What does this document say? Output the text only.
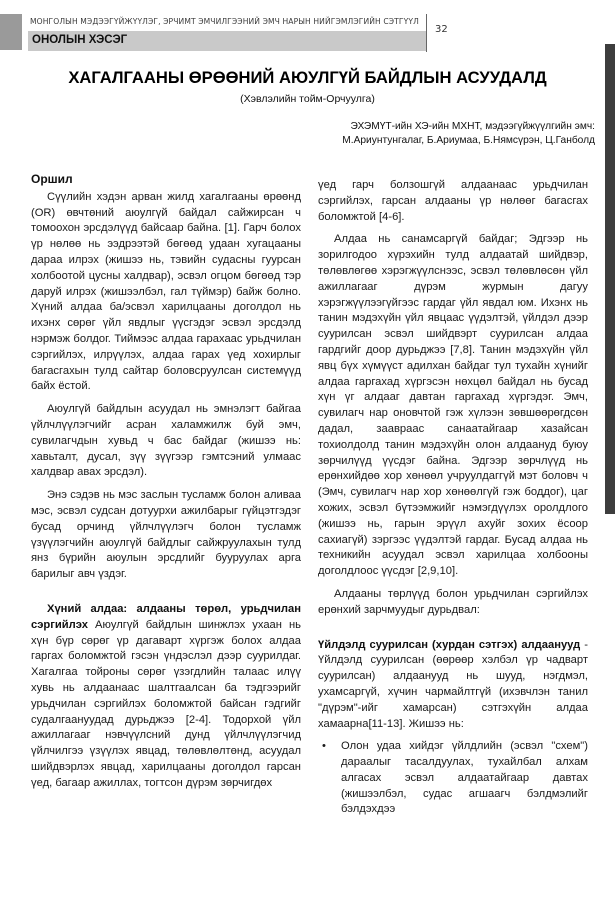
МОНГОЛЫН МЭДЭЭГҮЙЖҮҮЛЭГ, ЭРЧИМТ ЭМЧИЛГЭЭНИЙ ЭМЧ НАРЫН НИЙГЭМЛЭГИЙН СЭТГҮҮЛ
ОНОЛЫН ХЭСЭГ
32
ХАГАЛГААНЫ ӨРӨӨНИЙ АЮУЛГҮЙ БАЙДЛЫН АСУУДАЛД
(Хэвлэлийн тойм-Орчуулга)
ЭХЭМҮТ-ийн ХЭ-ийн МХНТ, мэдээгүйжүүлгийн эмч:
М.Ариунтунгалаг, Б.Ариумаа, Б.Нямсүрэн, Ц.Ганболд
Оршил

Сүүлийн хэдэн арван жилд хагалгааны өрөөнд (OR) өвчтөний аюулгүй байдал сайжирсан ч томоохон эрсдэлүүд байсаар байна. [1]. Гарч болох үр нөлөө нь ээдрээтэй бөгөөд удаан хугацааны дараа илрэх (жишээ нь, тэвийн судасны гуурсан холбоотой цусны халдвар), эсвэл огцом бөгөөд тэр даруй илрэх (жишээлбэл, гал түймэр) байж болно. Хүний алдаа ба/эсвэл харилцааны доголдол нь ихэнх сөрөг үйл явдлыг үүсгэдэг эсвэл эрсдэлд нэрмэж болдог. Тиймээс алдаа гарахаас урьдчилан сэргийлэх, илрүүлэх, алдаа гарах үед хохирлыг багасгахын тулд сайтар боловсруулсан системүүд байх ёстой.

Аюулгүй байдлын асуудал нь эмнэлэгт байгаа үйлчлүүлэгчийг асран халамжилж буй эмч, сувилагчдын хувьд ч бас байдаг (жишээ нь: хавьталт, дусал, зүү зүүгээр гэмтсэний улмаас халдвар авах эрсдэл).

Энэ сэдэв нь мэс заслын тусламж болон аливаа мэс, эсвэл судсан дотуурхи ажилбарыг гүйцэтгэдэг бусад орчинд үйлчлүүлэгч болон тусламж үзүүлэгчийн аюулгүй байдлыг сайжруулахын тулд янз бүрийн аюулын эрсдлийг бууруулах арга барилыг авч үздэг.

Хүний алдаа: алдааны төрөл, урьдчилан сэргийлэх Аюулгүй байдлын шинжлэх ухаан нь хүн бүр сөрөг үр дагаварт хүргэж болох алдаа гаргах боломжтой гэсэн үндэслэл дээр суурилдаг. Хагалгаа тойроны сөрөг үзэгдлийн талаас илүү хувь нь алдаанаас шалтгаалсан ба тэдгээрийг урьдчилан сэргийлэх боломжтой байсан гэдгийг судалгаануудад дурьджээ [2-4]. Тодорхой үйл ажиллагааг нэвчүүлсний дунд үйлчлүүлэгчид үйлчилгээ үзүүлэх явцад, төлөвлөлтөнд, асуудал шийдвэрлэх явцад, харилцааны доголдол гарсан үед, багаар ажиллах, тогтсон дүрэм зөрчигдөх

үед гарч болзошгүй алдаанаас урьдчилан сэргийлэх, гарсан алдааны үр нөлөөг багасгах боломжтой [4-6].

Алдаа нь санамсаргүй байдаг; Эдгээр нь зорилгодоо хүрэхийн тулд алдаатай шийдвэр, төлөвлөгөө хэрэгжүүлснээс, эсвэл төлөвлөсөн үйл ажиллагааг дүрэм журмын дагуу хэрэгжүүлээгүйгээс гардаг үйл явдал юм. Ихэнх нь танин мэдэхүйн үйл явцаас үүдэлтэй, үйлдэл дээр суурилсан эсвэл шийдвэрт суурилсан алдаа гардгийг доор дурьджээ [7,8]. Танин мэдэхүйн үйл явц бүх хүмүүст адилхан байдаг тул тухайн хүнийг алдаа гаргахад хүргэсэн нөхцөл байдал нь бусад хүн үг алдааг давтан гаргахад хүргэдэг. Эмч, сувилагч нар оновчтой гэж хүлээн зөвшөөрөгдсөн дадал, заавраас санаатайгаар хазайсан тохиолдолд танин мэдэхүйн олон алдаануд буюу зөрчилүүд үүсдэг байна. Эдгээр зөрчлүүд нь ерөнхийдөө хор хөнөөл учруулдаггүй мэт боловч ч (Эмч, сувилагч нар хор хөнөөлгүй гэж боддог), цаг хожих, эсвэл бүтээмжийг нэмэгдүүлэх оролдлого (жишээ нь, гарын эрүүл ахуйг зохих ёсоор сахиагүй) зэргээс үүдэлтэй гардаг. Бусад алдаа нь техникийн асуудал эсвэл харилцаа холбооны доголдлоос үүсдэг [2,9,10].

Алдааны төрлүүд болон урьдчилан сэргийлэх ерөнхий зарчмуудыг дурьдвал:

Үйлдэлд суурилсан (хурдан сэтгэх) алдаанууд - Үйлдэлд суурилсан (өөрөөр хэлбэл үр чадварт суурилсан) алдаанууд нь шууд, нэгдмэл, ухамсаргүй, хүчин чармайлтгүй (ихэвчлэн танил "дүрэм"-ийг хамарсан) сэтгэхүйн алдаа хамаарна[11-13]. Жишээ нь:

• Олон удаа хийдэг үйлдлийн (эсвэл "схем") дараалыг тасалдуулах, тухайлбал алхам алгасах эсвэл алдаатайгаар давтах (жишээлбэл, судас агшаагч бэлдмэлийг бэлдэхдээ
